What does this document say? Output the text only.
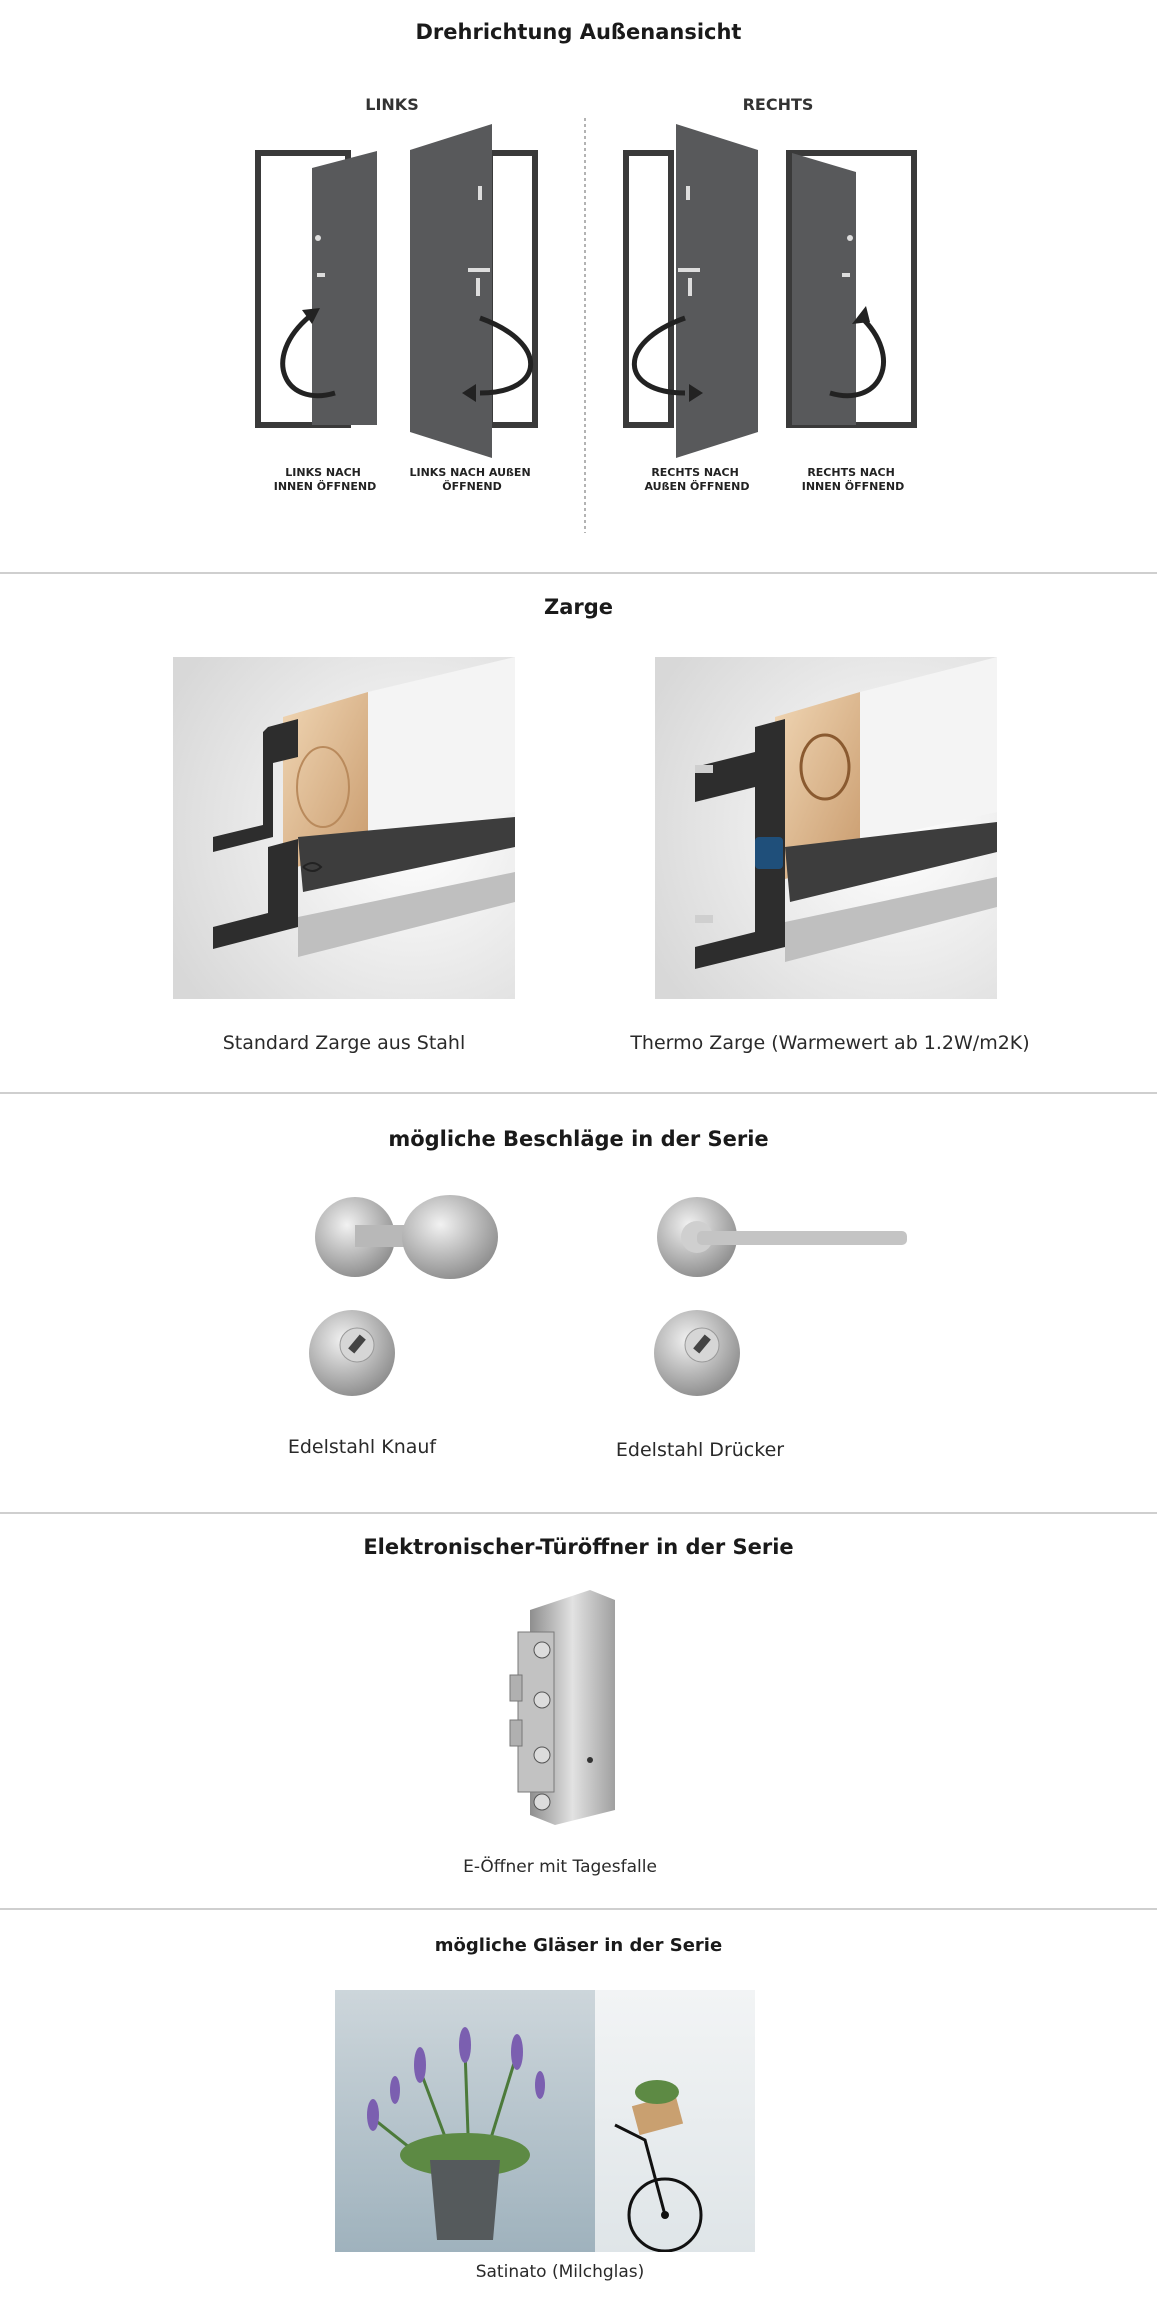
Drehrichtung Außenansicht
LINKS	RECHTS
LINKS NACH INNEN ÖFFNEND
LINKS NACH AUßEN ÖFFNEND
RECHTS NACH AUßEN ÖFFNEND
RECHTS NACH INNEN ÖFFNEND
Zarge
Standard Zarge aus Stahl	Thermo Zarge (Warmewert ab 1.2W/m2K)
mögliche Beschläge in der Serie
Edelstahl Knauf	Edelstahl Drücker
Elektronischer-Türöffner in der Serie
E-Öffner mit Tagesfalle
mögliche Gläser in der Serie
Satinato (Milchglas)
